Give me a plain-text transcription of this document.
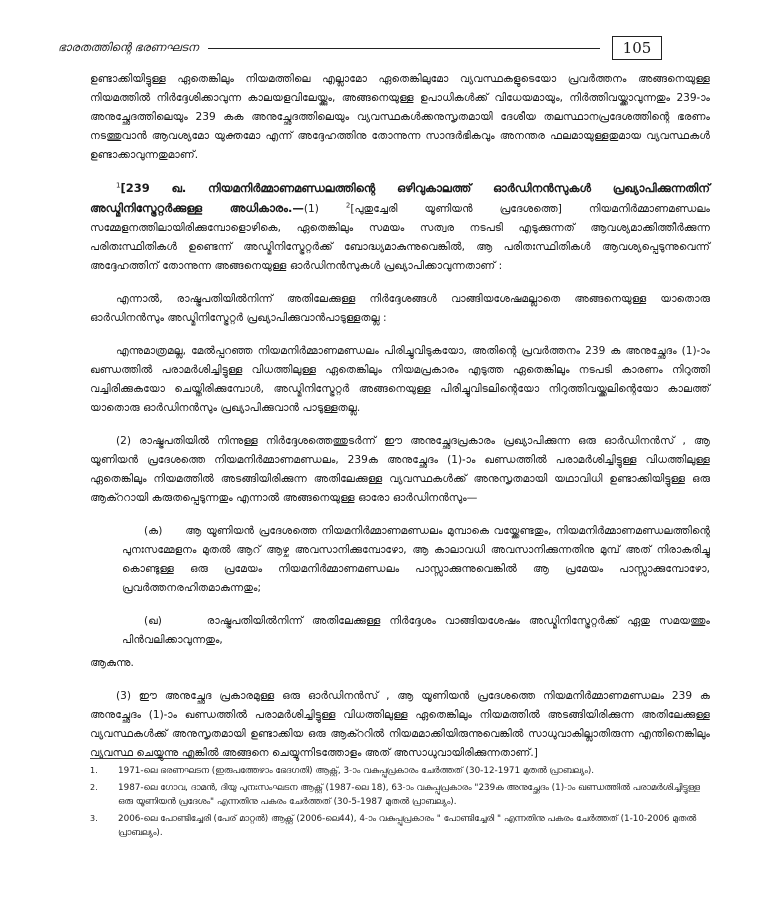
ഭാരതത്തിന്റെ ഭരണഘടന	105

ഉണ്ടാക്കിയിട്ടുള്ള ഏതെങ്കിലും നിയമത്തിലെ എല്ലാമോ ഏതെങ്കിലുമോ വ്യവസ്ഥകളുടെയോ പ്രവർത്തനം അങ്ങനെയുള്ള നിയമത്തിൽ നിർദ്ദേശിക്കാവുന്ന കാലയളവിലേയ്ക്കും, അങ്ങനെയുള്ള ഉപാധികൾക്ക് വിധേയമായും, നിർത്തിവയ്ക്കാവുന്നതും 239-ാം അനുച്ഛേദത്തിലെയും 239 കക അനുച്ഛേദത്തിലെയും വ്യവസ്ഥകൾക്കനുസൃതമായി ദേശീയ തലസ്ഥാനപ്രദേശത്തിന്റെ ഭരണം നടത്തുവാൻ ആവശ്യമോ യുക്തമോ എന്ന് അദ്ദേഹത്തിനു തോന്നുന്ന സാന്ദർഭികവും അനന്തര ഫലമായുള്ളതുമായ വ്യവസ്ഥകൾ ഉണ്ടാക്കാവുന്നതുമാണ്.

$^1$[239 ഖ. നിയമനിർമ്മാണമണ്ഡലത്തിന്റെ ഒഴിവുകാലത്ത് ഓർഡിനൻസുകൾ പ്രഖ്യാപിക്കുന്നതിന് അഡ്മിനിസ്ട്രേറ്റർക്കുള്ള അധികാരം.—(1)	$^2$[പുതുച്ചേരി യൂണിയൻ പ്രദേശത്തെ] നിയമനിർമ്മാണമണ്ഡലം സമ്മേളനത്തിലായിരിക്കുമ്പോളൊഴികെ, ഏതെങ്കിലും സമയം സത്വര നടപടി എടുക്കുന്നത് ആവശ്യമാക്കിത്തീർക്കുന്ന പരിതഃസ്ഥിതികൾ ഉണ്ടെന്ന് അഡ്മിനിസ്ട്രേറ്റർക്ക് ബോദ്ധ്യമാകുന്നുവെങ്കിൽ, ആ പരിതഃസ്ഥിതികൾ ആവശ്യപ്പെടുന്നുവെന്ന് അദ്ദേഹത്തിന് തോന്നുന്ന അങ്ങനെയുള്ള ഓർഡിനൻസുകൾ പ്രഖ്യാപിക്കാവുന്നതാണ് :

എന്നാൽ, രാഷ്ട്രപതിയിൽനിന്ന് അതിലേക്കുള്ള നിർദ്ദേശങ്ങൾ വാങ്ങിയശേഷമല്ലാതെ അങ്ങനെയുള്ള യാതൊരു ഓർഡിനൻസും അഡ്മിനിസ്ട്രേറ്റർ പ്രഖ്യാപിക്കുവാൻപാടുള്ളതല്ല :

എന്നുമാത്രമല്ല, മേൽപ്പറഞ്ഞ നിയമനിർമ്മാണമണ്ഡലം പിരിച്ചുവിടുകയോ, അതിന്റെ പ്രവർത്തനം 239 ക അനുച്ഛേദം (1)-ാം ഖണ്ഡത്തിൽ പരാമർശിച്ചിട്ടുള്ള വിധത്തിലുള്ള ഏതെങ്കിലും നിയമപ്രകാരം എടുത്ത ഏതെങ്കിലും നടപടി കാരണം നിറുത്തി വച്ചിരിക്കുകയോ ചെയ്തിരിക്കുമ്പോൾ, അഡ്മിനിസ്ട്രേറ്റർ അങ്ങനെയുള്ള പിരിച്ചുവിടലിന്റെയോ നിറുത്തിവയ്ക്കലിന്റെയോ കാലത്ത് യാതൊരു ഓർഡിനൻസും പ്രഖ്യാപിക്കുവാൻ പാടുള്ളതല്ല.

(2) രാഷ്ട്രപതിയിൽ നിന്നുള്ള നിർദ്ദേശത്തെത്തുടർന്ന് ഈ അനുച്ഛേദപ്രകാരം പ്രഖ്യാപിക്കുന്ന ഒരു ഓർഡിനൻസ് , ആ യൂണിയൻ പ്രദേശത്തെ നിയമനിർമ്മാണമണ്ഡലം, 239ക അനുച്ഛേദം (1)-ാം ഖണ്ഡത്തിൽ പരാമർശിച്ചിട്ടുള്ള വിധത്തിലുള്ള ഏതെങ്കിലും നിയമത്തിൽ അടങ്ങിയിരിക്കുന്ന അതിലേക്കുള്ള വ്യവസ്ഥകൾക്ക് അനുസൃതമായി യഥാവിധി ഉണ്ടാക്കിയിട്ടുള്ള ഒരു ആക്ററായി കരുതപ്പെടുന്നതും എന്നാൽ അങ്ങനെയുള്ള ഓരോ ഓർഡിനൻസും—

(ക) ആ യൂണിയൻ പ്രദേശത്തെ നിയമനിർമ്മാണമണ്ഡലം മുമ്പാകെ വയ്ക്കേണ്ടതും, നിയമനിർമ്മാണമണ്ഡലത്തിന്റെ പുനഃസമ്മേളനം മുതൽ ആറ് ആഴ്ച അവസാനിക്കുമ്പോഴോ, ആ കാലാവധി അവസാനിക്കുന്നതിനു മുമ്പ് അത് നിരാകരിച്ചു കൊണ്ടുള്ള ഒരു പ്രമേയം നിയമനിർമ്മാണമണ്ഡലം പാസ്സാക്കുന്നുവെങ്കിൽ ആ പ്രമേയം പാസ്സാക്കുമ്പോഴോ, പ്രവർത്തനരഹിതമാകുന്നതും;

(ഖ)	രാഷ്ട്രപതിയിൽനിന്ന് അതിലേക്കുള്ള നിർദ്ദേശം വാങ്ങിയശേഷം അഡ്മിനിസ്ട്രേറ്റർക്ക് ഏതു സമയത്തും പിൻവലിക്കാവുന്നതും,

ആകുന്നു.

(3) ഈ അനുച്ഛേദ പ്രകാരമുള്ള ഒരു ഓർഡിനൻസ് , ആ യൂണിയൻ പ്രദേശത്തെ നിയമനിർമ്മാണമണ്ഡലം 239 ക അനുച്ഛേദം (1)-ാം ഖണ്ഡത്തിൽ പരാമർശിച്ചിട്ടുള്ള വിധത്തിലുള്ള ഏതെങ്കിലും നിയമത്തിൽ അടങ്ങിയിരിക്കുന്ന അതിലേക്കുള്ള വ്യവസ്ഥകൾക്ക് അനുസൃതമായി ഉണ്ടാക്കിയ ഒരു ആക്ററിൽ നിയമമാക്കിയിരുന്നുവെങ്കിൽ സാധുവാകില്ലാതിരുന്ന എന്തിനെങ്കിലും വ്യവസ്ഥ ചെയ്യുന്നു എങ്കിൽ അങ്ങനെ ചെയ്യുന്നിടത്തോളം അത് അസാധുവായിരിക്കുന്നതാണ്.]

1.	1971-ലെ ഭരണഘടന (ഇരുപത്തേഴാം ഭേദഗതി) ആക്റ്റ്, 3-ാം വകുപ്പുപ്രകാരം ചേർത്തത് (30-12-1971 മുതൽ പ്രാബല്യം).
2.	1987-ലെ ഗോവ, ദാമൻ, ദിയു പുനഃസംഘടന ആക്റ്റ് (1987-ലെ 18), 63-ാം വകുപ്പുപ്രകാരം "239ക അനുച്ഛേദം (1)-ാം ഖണ്ഡത്തിൽ പരാമർശിച്ചിട്ടുള്ള ഒരു യൂണിയൻ പ്രദേശം" എന്നതിനു പകരം ചേർത്തത് (30-5-1987 മുതൽ പ്രാബല്യം).
3.	2006-ലെ പോണ്ടിച്ചേരി (പേര് മാറ്റൽ) ആക്റ്റ് (2006-ലെ44), 4-ാം വകുപ്പുപ്രകാരം " പോണ്ടിച്ചേരി " എന്നതിനു പകരം ചേർത്തത് (1-10-2006 മുതൽ പ്രാബല്യം).
